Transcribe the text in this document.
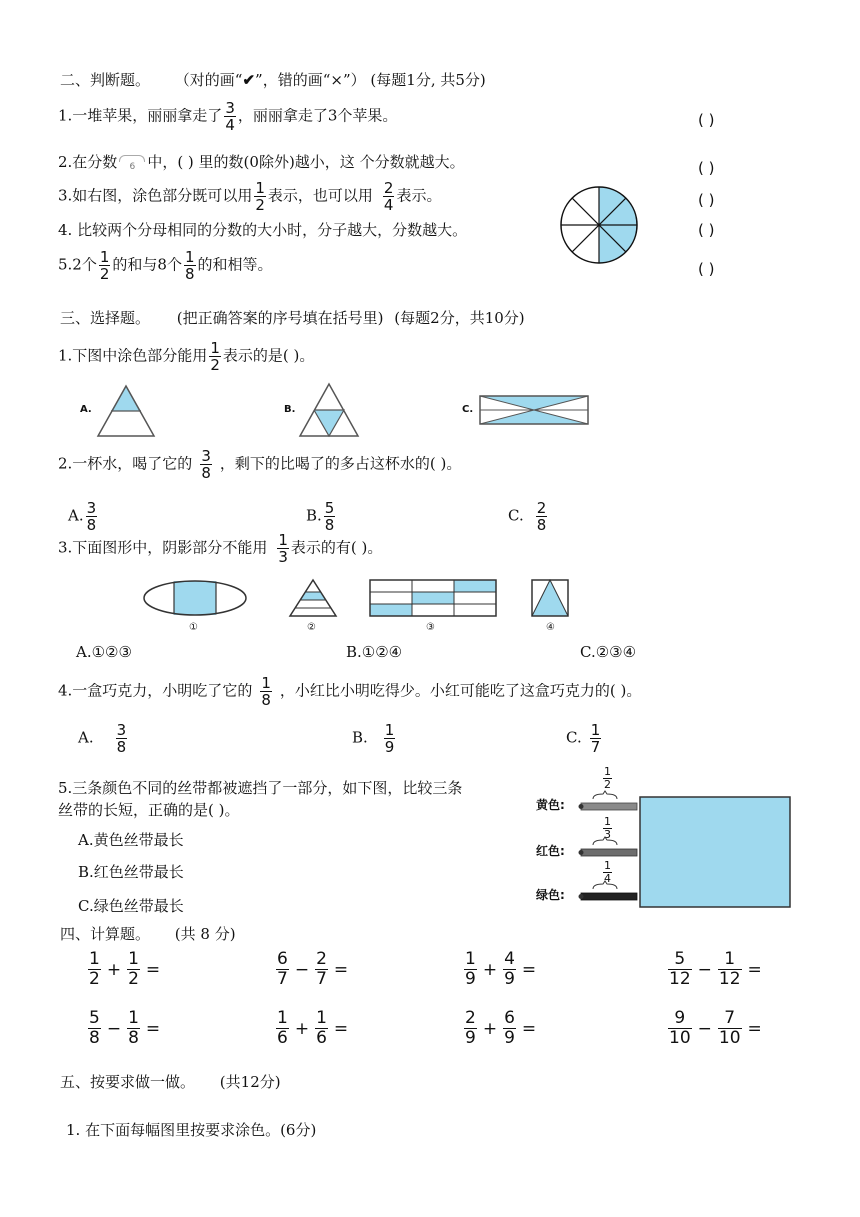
二、判断题。 （对的画“✔”，错的画“×”） (每题1分, 共5分)
1.一堆苹果，丽丽拿走了 $\frac{3}{4}$ ，丽丽拿走了3个苹果。	( )
2.在分数 6 中，( ) 里的数(0除外)越小，这 个分数就越大。	( )
3.如右图，涂色部分既可以用 $\frac{1}{2}$ 表示，也可以用 $\frac{2}{4}$ 表示。	( )
4. 比较两个分母相同的分数的大小时，分子越大，分数越大。	( )
5.2个 $\frac{1}{2}$ 的和与8个 $\frac{1}{8}$ 的和相等。	( )
三、选择题。 (把正确答案的序号填在括号里) (每题2分，共10分)
1.下图中涂色部分能用 $\frac{1}{2}$ 表示的是( )。
A.	B.	C.
2.一杯水，喝了它的 $\frac{3}{8}$ ，剩下的比喝了的多占这杯水的( )。
A. $\frac{3}{8}$	B. $\frac{5}{8}$	C. $\frac{2}{8}$
3.下面图形中，阴影部分不能用 $\frac{1}{3}$ 表示的有( )。
①	②	③	④
A.①②③	B.①②④	C.②③④
4.一盒巧克力，小明吃了它的 $\frac{1}{8}$ ，小红比小明吃得少。小红可能吃了这盒巧克力的( )。
A. $\frac{3}{8}$	B. $\frac{1}{9}$	C. $\frac{1}{7}$
5.三条颜色不同的丝带都被遮挡了一部分，如下图，比较三条
丝带的长短，正确的是( )。
A.黄色丝带最长
B.红色丝带最长
C.绿色丝带最长
黄色:
红色:
绿色:
$\frac{1}{2}$
$\frac{1}{3}$
$\frac{1}{4}$
四、计算题。 (共 8 分)
$\frac{1}{2} + \frac{1}{2}$ =	$\frac{6}{7} - \frac{2}{7}$ =	$\frac{1}{9} + \frac{4}{9}$ =	$\frac{5}{12} - \frac{1}{12}$ =
$\frac{5}{8} - \frac{1}{8}$ =	$\frac{1}{6} + \frac{1}{6}$ =	$\frac{2}{9} + \frac{6}{9}$ =	$\frac{9}{10} - \frac{7}{10}$ =
五、按要求做一做。 (共12分)
1. 在下面每幅图里按要求涂色。(6分)
